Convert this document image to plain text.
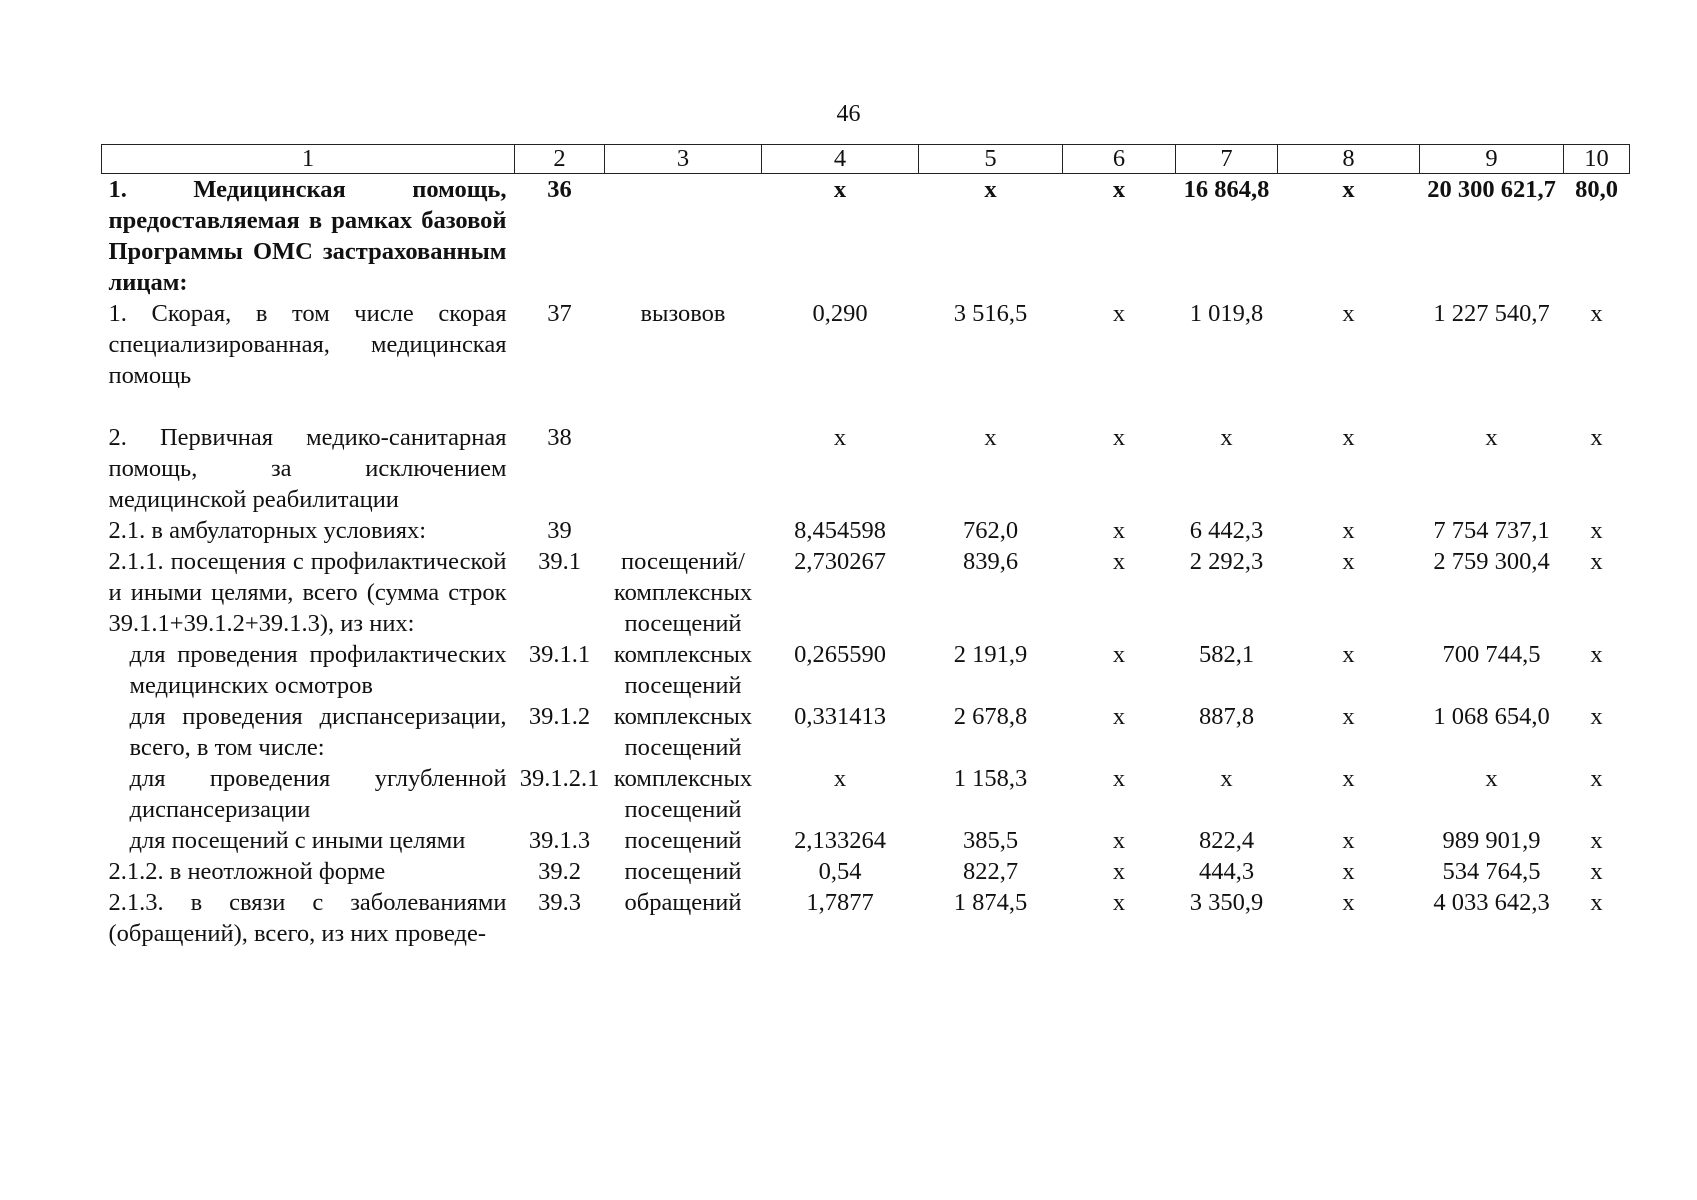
46
1	2	3	4	5	6	7	8	9	10
1. Медицинская помощь, предоставляемая в рамках базовой Программы ОМС застрахованным лицам:	36		х	х	х	16 864,8	х	20 300 621,7	80,0
1. Скорая, в том числе скорая специализированная, медицинская помощь	37	вызовов	0,290	3 516,5	х	1 019,8	х	1 227 540,7	х
2. Первичная медико-санитарная помощь, за исключением медицинской реабилитации	38		х	х	х	х	х	х	х
2.1. в амбулаторных условиях:	39		8,454598	762,0	х	6 442,3	х	7 754 737,1	х
2.1.1. посещения с профилактической и иными целями, всего (сумма строк 39.1.1+39.1.2+39.1.3), из них:	39.1	посещений/ комплексных посещений	2,730267	839,6	х	2 292,3	х	2 759 300,4	х
для проведения профилактических медицинских осмотров	39.1.1	комплексных посещений	0,265590	2 191,9	х	582,1	х	700 744,5	х
для проведения диспансеризации, всего, в том числе:	39.1.2	комплексных посещений	0,331413	2 678,8	х	887,8	х	1 068 654,0	х
для проведения углубленной диспансеризации	39.1.2.1	комплексных посещений	х	1 158,3	х	х	х	х	х
для посещений с иными целями	39.1.3	посещений	2,133264	385,5	х	822,4	х	989 901,9	х
2.1.2. в неотложной форме	39.2	посещений	0,54	822,7	х	444,3	х	534 764,5	х
2.1.3. в связи с заболеваниями (обращений), всего, из них проведе-	39.3	обращений	1,7877	1 874,5	х	3 350,9	х	4 033 642,3	х
